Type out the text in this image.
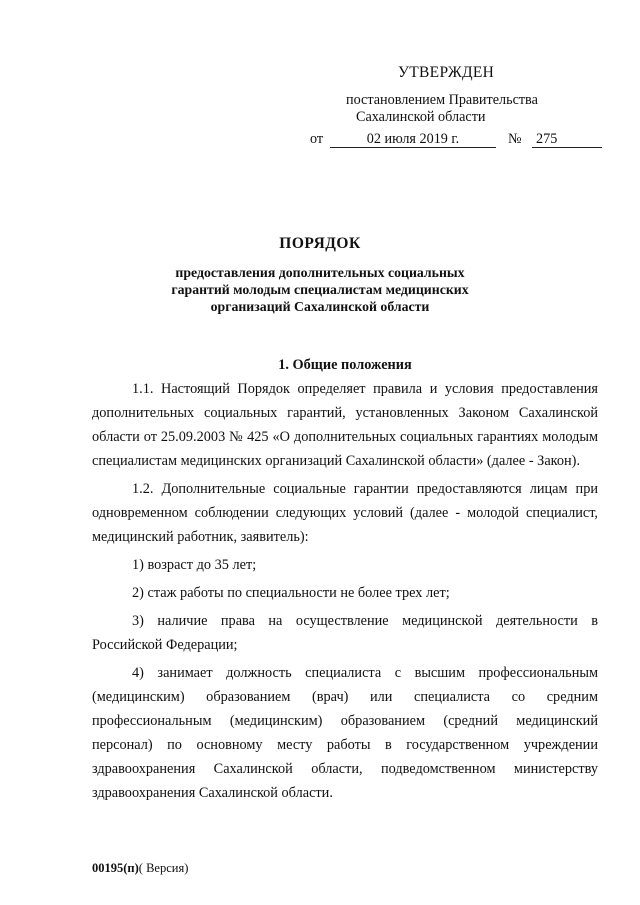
УТВЕРЖДЕН
постановлением Правительства
Сахалинской области
от	02 июля 2019 г.	№ 275
ПОРЯДОК
предоставления дополнительных социальных
гарантий молодым специалистам медицинских
организаций Сахалинской области
1. Общие положения

1.1. Настоящий Порядок определяет правила и условия предоставления дополнительных социальных гарантий, установленных Законом Сахалинской области от 25.09.2003 № 425 «О дополнительных социальных гарантиях молодым специалистам медицинских организаций Сахалинской области» (далее - Закон).

1.2. Дополнительные социальные гарантии предоставляются лицам при одновременном соблюдении следующих условий (далее - молодой специалист, медицинский работник, заявитель):

1) возраст до 35 лет;

2) стаж работы по специальности не более трех лет;

3) наличие права на осуществление медицинской деятельности в Российской Федерации;

4) занимает должность специалиста с высшим профессиональным (медицинским) образованием (врач) или специалиста со средним профессиональным (медицинским) образованием (средний медицинский персонал) по основному месту работы в государственном учреждении здравоохранения Сахалинской области, подведомственном министерству здравоохранения Сахалинской области.

00195(п)( Версия)
